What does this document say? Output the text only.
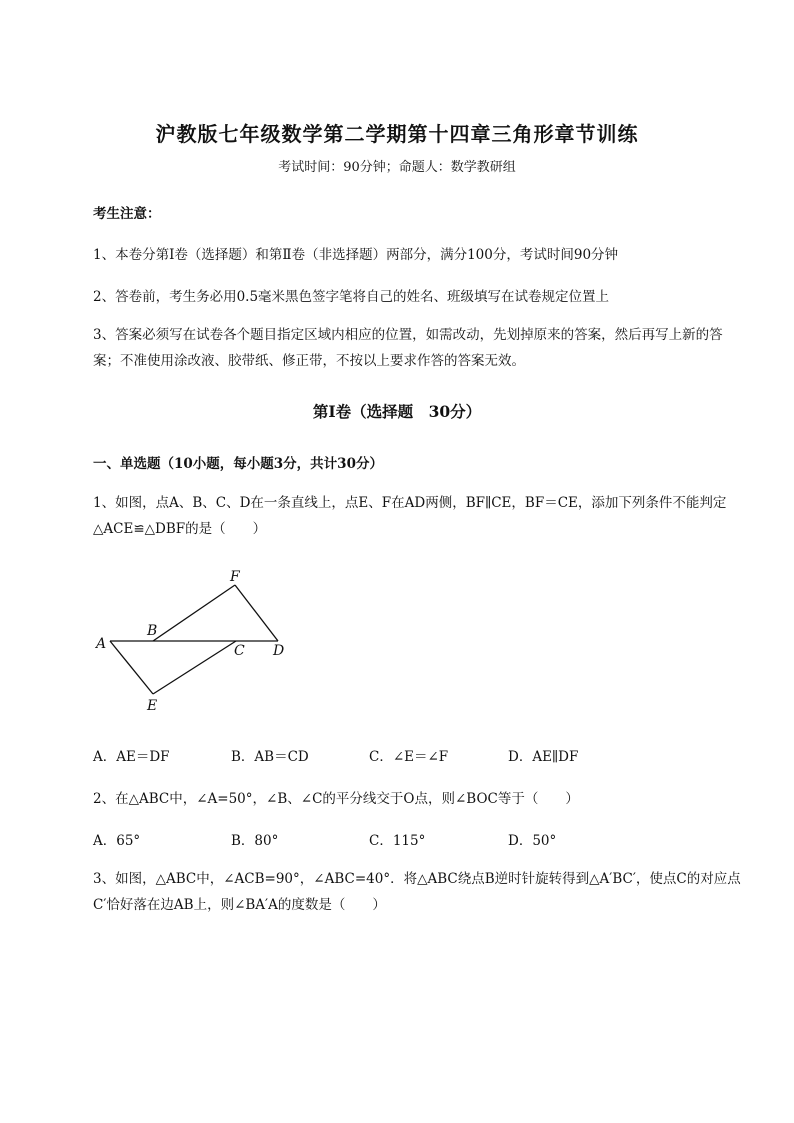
沪教版七年级数学第二学期第十四章三角形章节训练
考试时间：90分钟；命题人：数学教研组
考生注意：
1、本卷分第I卷（选择题）和第Ⅱ卷（非选择题）两部分，满分100分，考试时间90分钟
2、答卷前，考生务必用0.5毫米黑色签字笔将自己的姓名、班级填写在试卷规定位置上
3、答案必须写在试卷各个题目指定区域内相应的位置，如需改动，先划掉原来的答案，然后再写上新的答案；不准使用涂改液、胶带纸、修正带，不按以上要求作答的答案无效。
第I卷（选择题　30分）
一、单选题（10小题，每小题3分，共计30分）
1、如图，点A、B、C、D在一条直线上，点E、F在AD两侧，BF∥CE，BF＝CE，添加下列条件不能判定△ACE≌△DBF的是（　　）
F
B
A	C D
E
A．AE＝DF	B．AB＝CD	C．∠E＝∠F	D．AE∥DF
2、在△ABC中，∠A=50°，∠B、∠C的平分线交于O点，则∠BOC等于（　　）
A．65°	B．80°	C．115°	D．50°
3、如图，△ABC中，∠ACB=90°，∠ABC=40°．将△ABC绕点B逆时针旋转得到△A′BC′，使点C的对应点C′恰好落在边AB上，则∠BA′A的度数是（　　）
